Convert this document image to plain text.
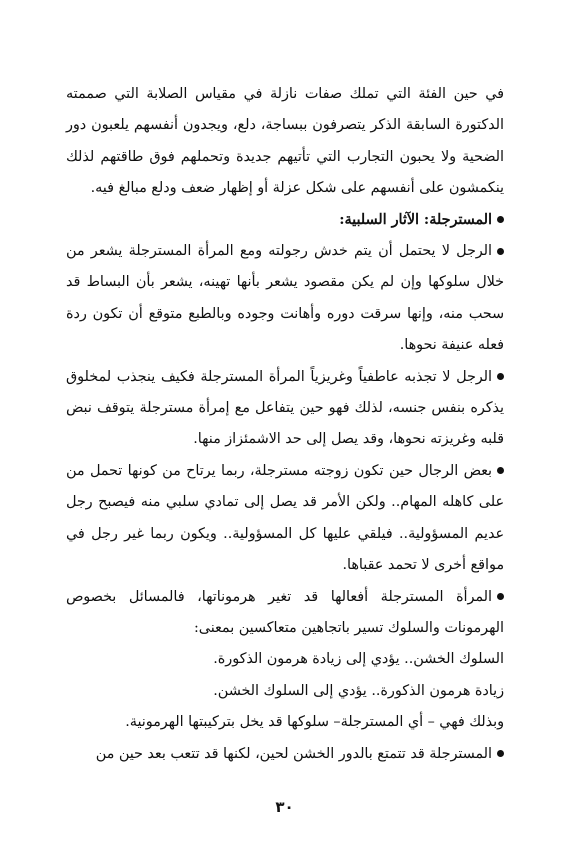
في حين الفئة التي تملك صفات نازلة في مقياس الصلابة التي صممته الدكتورة السابقة الذكر يتصرفون ببساجة، دلع، ويجدون أنفسهم يلعبون دور الضحية ولا يحبون التجارب التي تأتيهم جديدة وتحملهم فوق طاقتهم لذلك ينكمشون على أنفسهم على شكل عزلة أو إظهار ضعف ودلع مبالغ فيه.

المسترجلة: الآثار السلبية:

الرجل لا يحتمل أن يتم خدش رجولته ومع المرأة المسترجلة يشعر من خلال سلوكها وإن لم يكن مقصود يشعر بأنها تهينه، يشعر بأن البساط قد سحب منه، وإنها سرقت دوره وأهانت وجوده وبالطبع متوقع أن تكون ردة فعله عنيفة نحوها.

الرجل لا تجذبه عاطفياً وغريزياً المرأة المسترجلة فكيف ينجذب لمخلوق يذكره بنفس جنسه، لذلك فهو حين يتفاعل مع إمرأة مسترجلة يتوقف نبض قلبه وغريزته نحوها، وقد يصل إلى حد الاشمئزاز منها.

بعض الرجال حين تكون زوجته مسترجلة، ربما يرتاح من كونها تحمل من على كاهله المهام.. ولكن الأمر قد يصل إلى تمادي سلبي منه فيصبح رجل عديم المسؤولية.. فيلقي عليها كل المسؤولية.. ويكون ربما غير رجل في مواقع أخرى لا تحمد عقباها.

المرأة المسترجلة أفعالها قد تغير هرموناتها، فالمسائل بخصوص الهرمونات والسلوك تسير باتجاهين متعاكسين بمعنى:

السلوك الخشن.. يؤدي إلى زيادة هرمون الذكورة.

زيادة هرمون الذكورة.. يؤدي إلى السلوك الخشن.

وبذلك فهي – أي المسترجلة– سلوكها قد يخل بتركيبتها الهرمونية.

المسترجلة قد تتمتع بالدور الخشن لحين، لكنها قد تتعب بعد حين من

٣٠
